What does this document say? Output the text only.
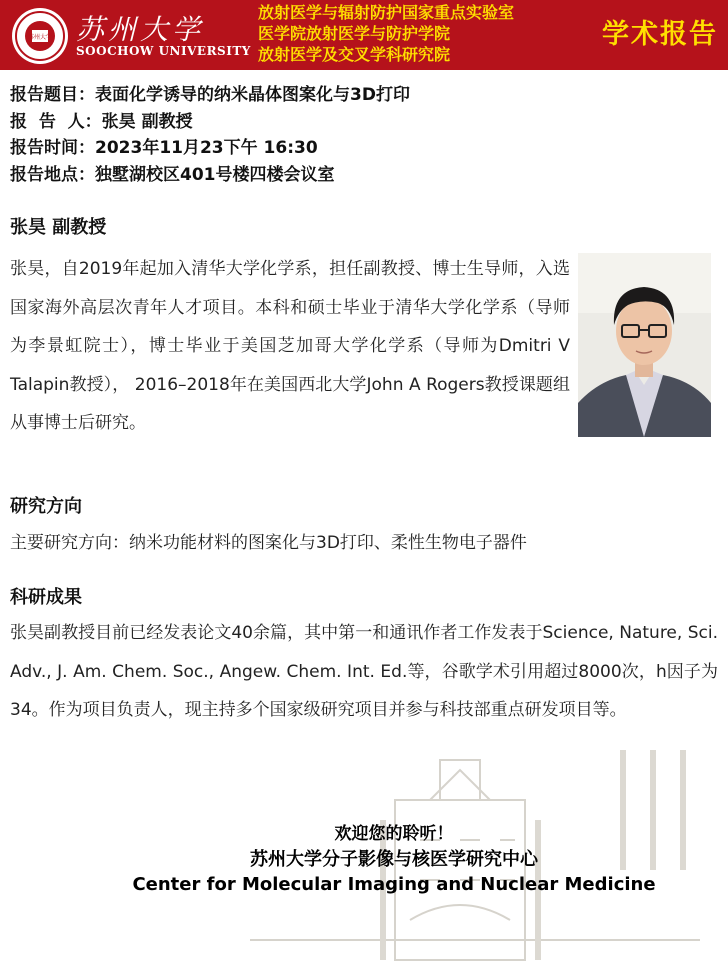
苏州大学 苏州大学
SOOCHOW UNIVERSITY
放射医学与辐射防护国家重点实验室
医学院放射医学与防护学院
放射医学及交叉学科研究院
学术报告
报告题目：表面化学诱导的纳米晶体图案化与3D打印
报  告  人：张昊 副教授
报告时间：2023年11月23下午 16:30
报告地点：独墅湖校区401号楼四楼会议室
张昊 副教授
张昊，自2019年起加入清华大学化学系，担任副教授、博士生导师，入选国家海外高层次青年人才项目。本科和硕士毕业于清华大学化学系（导师为李景虹院士），博士毕业于美国芝加哥大学化学系（导师为Dmitri V Talapin教授）， 2016–2018年在美国西北大学John A Rogers教授课题组从事博士后研究。
研究方向
主要研究方向：纳米功能材料的图案化与3D打印、柔性生物电子器件
科研成果
张昊副教授目前已经发表论文40余篇，其中第一和通讯作者工作发表于Science, Nature, Sci. Adv., J. Am. Chem. Soc., Angew. Chem. Int. Ed.等，谷歌学术引用超过8000次，h因子为34。作为项目负责人，现主持多个国家级研究项目并参与科技部重点研发项目等。
欢迎您的聆听！
苏州大学分子影像与核医学研究中心
Center for Molecular Imaging and Nuclear Medicine
